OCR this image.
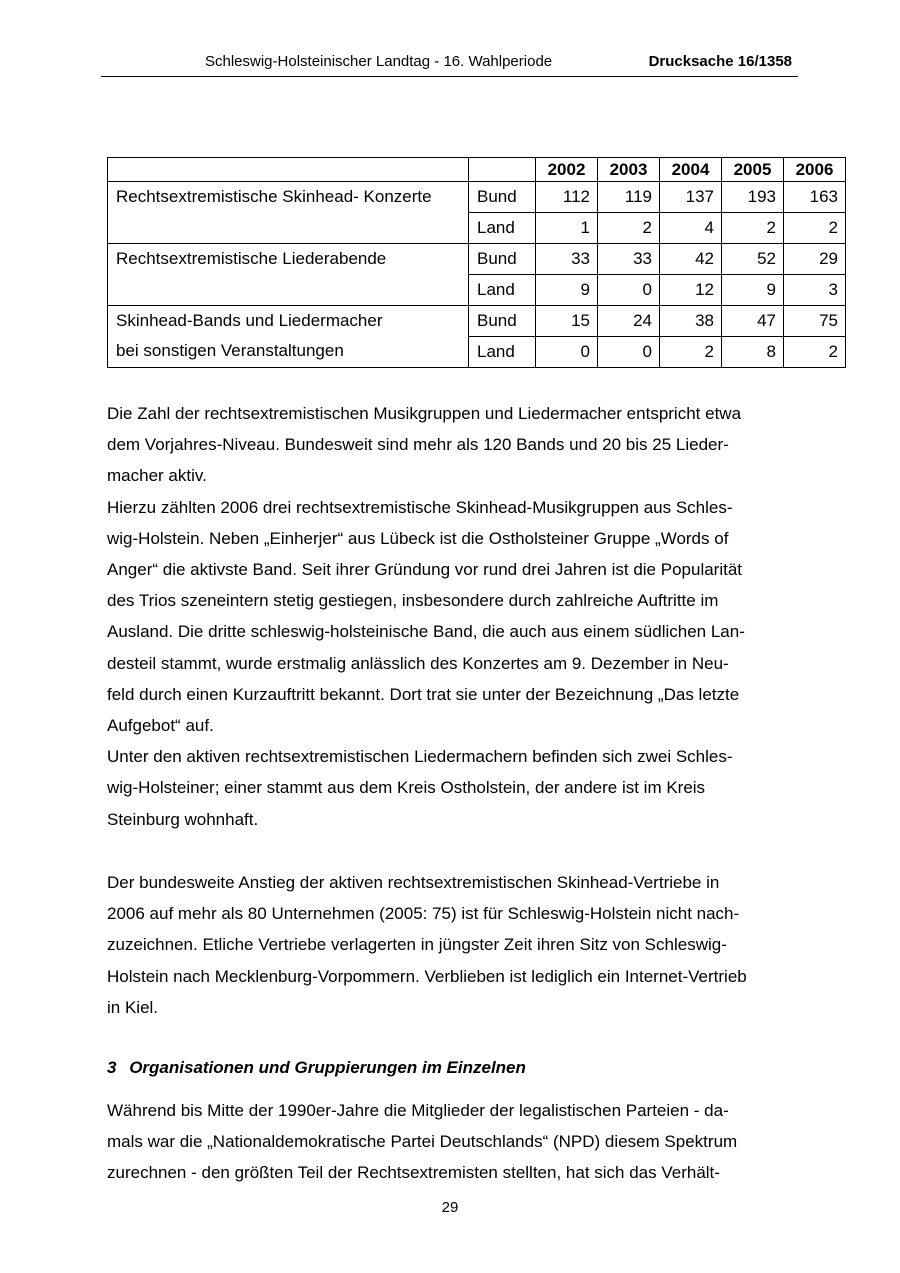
Schleswig-Holsteinischer Landtag - 16. Wahlperiode	Drucksache 16/1358
		2002	2003	2004	2005	2006

Rechtsextremistische Skinhead- Konzerte	Bund	112	119	137	193	163
	Land	1	2	4	2	2

Rechtsextremistische Liederabende	Bund	33	33	42	52	29
	Land	9	0	12	9	3

Skinhead-Bands und Liedermacher
bei sonstigen Veranstaltungen	Bund	15	24	38	47	75
	Land	0	0	2	8	2

Die Zahl der rechtsextremistischen Musikgruppen und Liedermacher entspricht etwa
dem Vorjahres-Niveau. Bundesweit sind mehr als 120 Bands und 20 bis 25 Lieder-
macher aktiv.

Hierzu zählten 2006 drei rechtsextremistische Skinhead-Musikgruppen aus Schles-
wig-Holstein. Neben „Einherjer“ aus Lübeck ist die Ostholsteiner Gruppe „Words of
Anger“ die aktivste Band. Seit ihrer Gründung vor rund drei Jahren ist die Popularität
des Trios szeneintern stetig gestiegen, insbesondere durch zahlreiche Auftritte im
Ausland. Die dritte schleswig-holsteinische Band, die auch aus einem südlichen Lan-
desteil stammt, wurde erstmalig anlässlich des Konzertes am 9. Dezember in Neu-
feld durch einen Kurzauftritt bekannt. Dort trat sie unter der Bezeichnung „Das letzte
Aufgebot“ auf.

Unter den aktiven rechtsextremistischen Liedermachern befinden sich zwei Schles-
wig-Holsteiner; einer stammt aus dem Kreis Ostholstein, der andere ist im Kreis
Steinburg wohnhaft.

Der bundesweite Anstieg der aktiven rechtsextremistischen Skinhead-Vertriebe in
2006 auf mehr als 80 Unternehmen (2005: 75) ist für Schleswig-Holstein nicht nach-
zuzeichnen. Etliche Vertriebe verlagerten in jüngster Zeit ihren Sitz von Schleswig-
Holstein nach Mecklenburg-Vorpommern. Verblieben ist lediglich ein Internet-Vertrieb
in Kiel.

3 Organisationen und Gruppierungen im Einzelnen

Während bis Mitte der 1990er-Jahre die Mitglieder der legalistischen Parteien - da-
mals war die „Nationaldemokratische Partei Deutschlands“ (NPD) diesem Spektrum
zurechnen - den größten Teil der Rechtsextremisten stellten, hat sich das Verhält-

29
